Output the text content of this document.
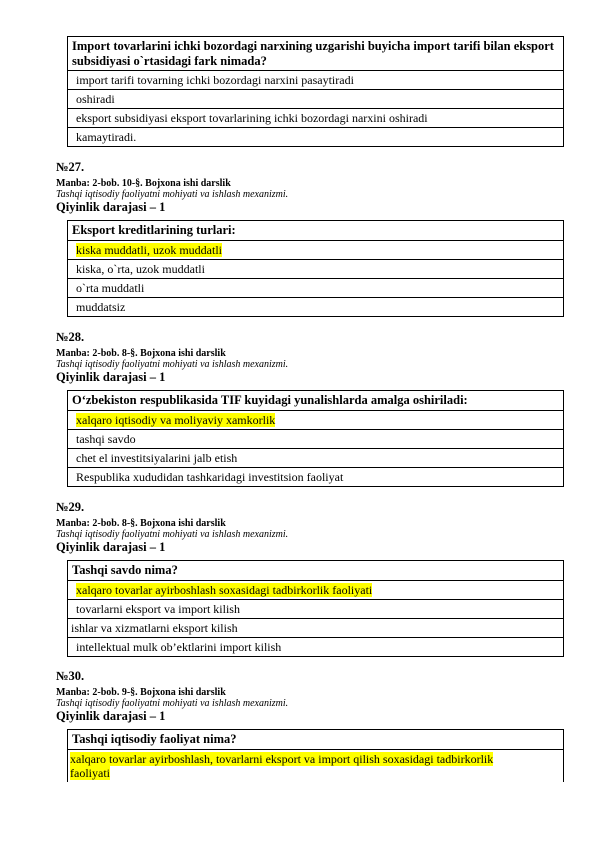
Import tovarlarini ichki bozordagi narxining uzgarishi buyicha import tarifi bilan eksport subsidiyasi o`rtasidagi fark nimada?
import tarifi tovarning ichki bozordagi narxini pasaytiradi
oshiradi
eksport subsidiyasi eksport tovarlarining ichki bozordagi narxini oshiradi
kamaytiradi.
№27.
Manba: 2-bob. 10-§. Bojxona ishi darslik
Tashqi iqtisodiy faoliyatni mohiyati va ishlash mexanizmi.
Qiyinlik darajasi – 1
Eksport kreditlarining turlari:
kiska muddatli, uzok muddatli
kiska, o`rta, uzok muddatli
o`rta muddatli
muddatsiz
№28.
Manba: 2-bob. 8-§. Bojxona ishi darslik
Tashqi iqtisodiy faoliyatni mohiyati va ishlash mexanizmi.
Qiyinlik darajasi – 1
O‘zbekiston respublikasida TIF kuyidagi yunalishlarda amalga oshiriladi:
xalqaro iqtisodiy va moliyaviy xamkorlik
tashqi savdo
chet el investitsiyalarini jalb etish
Respublika xududidan tashkaridagi investitsion faoliyat
№29.
Manba: 2-bob. 8-§. Bojxona ishi darslik
Tashqi iqtisodiy faoliyatni mohiyati va ishlash mexanizmi.
Qiyinlik darajasi – 1
Tashqi savdo nima?
xalqaro tovarlar ayirboshlash soxasidagi tadbirkorlik faoliyati
tovarlarni eksport va import kilish
ishlar va xizmatlarni eksport kilish
intellektual mulk ob’ektlarini import kilish
№30.
Manba: 2-bob. 9-§. Bojxona ishi darslik
Tashqi iqtisodiy faoliyatni mohiyati va ishlash mexanizmi.
Qiyinlik darajasi – 1
Tashqi iqtisodiy faoliyat nima?
xalqaro tovarlar ayirboshlash, tovarlarni eksport va import qilish soxasidagi tadbirkorlik faoliyati
